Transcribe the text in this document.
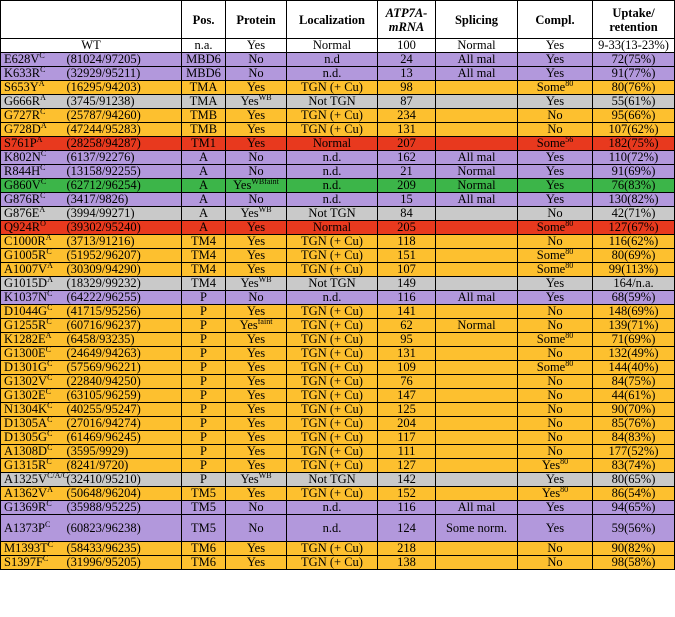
		Pos.	Protein	Localization	ATP7A-mRNA	Splicing	Compl.	Uptake/ retention
WT		n.a.	Yes	Normal	100	Normal	Yes	9-33(13-23%)
$E628V^C$	(81024/97205)	MBD6	No	n.d	24	All mal	Yes	72(75%)
$K633R^C$	(32929/95211)	MBD6	No	n.d.	13	All mal	Yes	91(77%)
$S653Y^A$	(16295/94203)	TMA	Yes	TGN (+ Cu)	98		Some$^{80}$	80(76%)
$G666R^A$	(3745/91238)	TMA	Yes$^{WB}$	Not TGN	87		Yes	55(61%)
$G727R^C$	(25787/94260)	TMB	Yes	TGN (+ Cu)	234		No	95(66%)
$G728D^A$	(47244/95283)	TMB	Yes	TGN (+ Cu)	131		No	107(62%)
$S761P^A$	(28258/94287)	TM1	Yes	Normal	207		Some$^{56}$	182(75%)
$K802N^C$	(6137/92276)	A	No	n.d.	162	All mal	Yes	110(72%)
$R844H^C$	(13158/92255)	A	No	n.d.	21	Normal	Yes	91(69%)
$G860V^C$	(62712/96254)	A	Yes$^{WBfaint}$	n.d.	209	Normal	Yes	76(83%)
$G876R^C$	(3417/9826)	A	No	n.d.	15	All mal	Yes	130(82%)
$G876E^A$	(3994/99271)	A	Yes$^{WB}$	Not TGN	84		No	42(71%)
$Q924R^O$	(39302/95240)	A	Yes	Normal	205		Some$^{80}$	127(67%)
$C1000R^A$	(3713/91216)	TM4	Yes	TGN (+ Cu)	118		No	116(62%)
$G1005R^C$	(51952/96207)	TM4	Yes	TGN (+ Cu)	151		Some$^{80}$	80(69%)
$A1007V^A$	(30309/94290)	TM4	Yes	TGN (+ Cu)	107		Some$^{80}$	99(113%)
$G1015D^A$	(18329/99232)	TM4	Yes$^{WB}$	Not TGN	149		Yes	164/n.a.
$K1037N^C$	(64222/96255)	P	No	n.d.	116	All mal	Yes	68(59%)
$D1044G^C$	(41715/95256)	P	Yes	TGN (+ Cu)	141		No	148(69%)
$G1255R^C$	(60716/96237)	P	Yes$^{faint}$	TGN (+ Cu)	62	Normal	No	139(71%)
$K1282E^A$	(6458/93235)	P	Yes	TGN (+ Cu)	95		Some$^{80}$	71(69%)
$G1300E^C$	(24649/94263)	P	Yes	TGN (+ Cu)	131		No	132(49%)
$D1301G^C$	(57569/96221)	P	Yes	TGN (+ Cu)	109		Some$^{80}$	144(40%)
$G1302V^C$	(22840/94250)	P	Yes	TGN (+ Cu)	76		No	84(75%)
$G1302E^C$	(63105/96259)	P	Yes	TGN (+ Cu)	147		No	44(61%)
$N1304K^C$	(40255/95247)	P	Yes	TGN (+ Cu)	125		No	90(70%)
$D1305A^C$	(27016/94274)	P	Yes	TGN (+ Cu)	204		No	85(76%)
$D1305G^C$	(61469/96245)	P	Yes	TGN (+ Cu)	117		No	84(83%)
$A1308D^C$	(3595/9929)	P	Yes	TGN (+ Cu)	111		No	177(52%)
$G1315R^C$	(8241/9720)	P	Yes	TGN (+ Cu)	127		Yes$^{80}$	83(74%)
$A1325V^{C/A/C}$	(32410/95210)	P	Yes$^{WB}$	Not TGN	142		Yes	80(65%)
$A1362V^A$	(50648/96204)	TM5	Yes	TGN (+ Cu)	152		Yes$^{80}$	86(54%)
$G1369R^C$	(35988/95225)	TM5	No	n.d.	116	All mal	Yes	94(65%)
$A1373P^C$	(60823/96238)	TM5	No	n.d.	124	Some norm.	Yes	59(56%)
$M1393T^C$	(58433/96235)	TM6	Yes	TGN (+ Cu)	218		No	90(82%)
$S1397F^C$	(31996/95205)	TM6	Yes	TGN (+ Cu)	138		No	98(58%)
